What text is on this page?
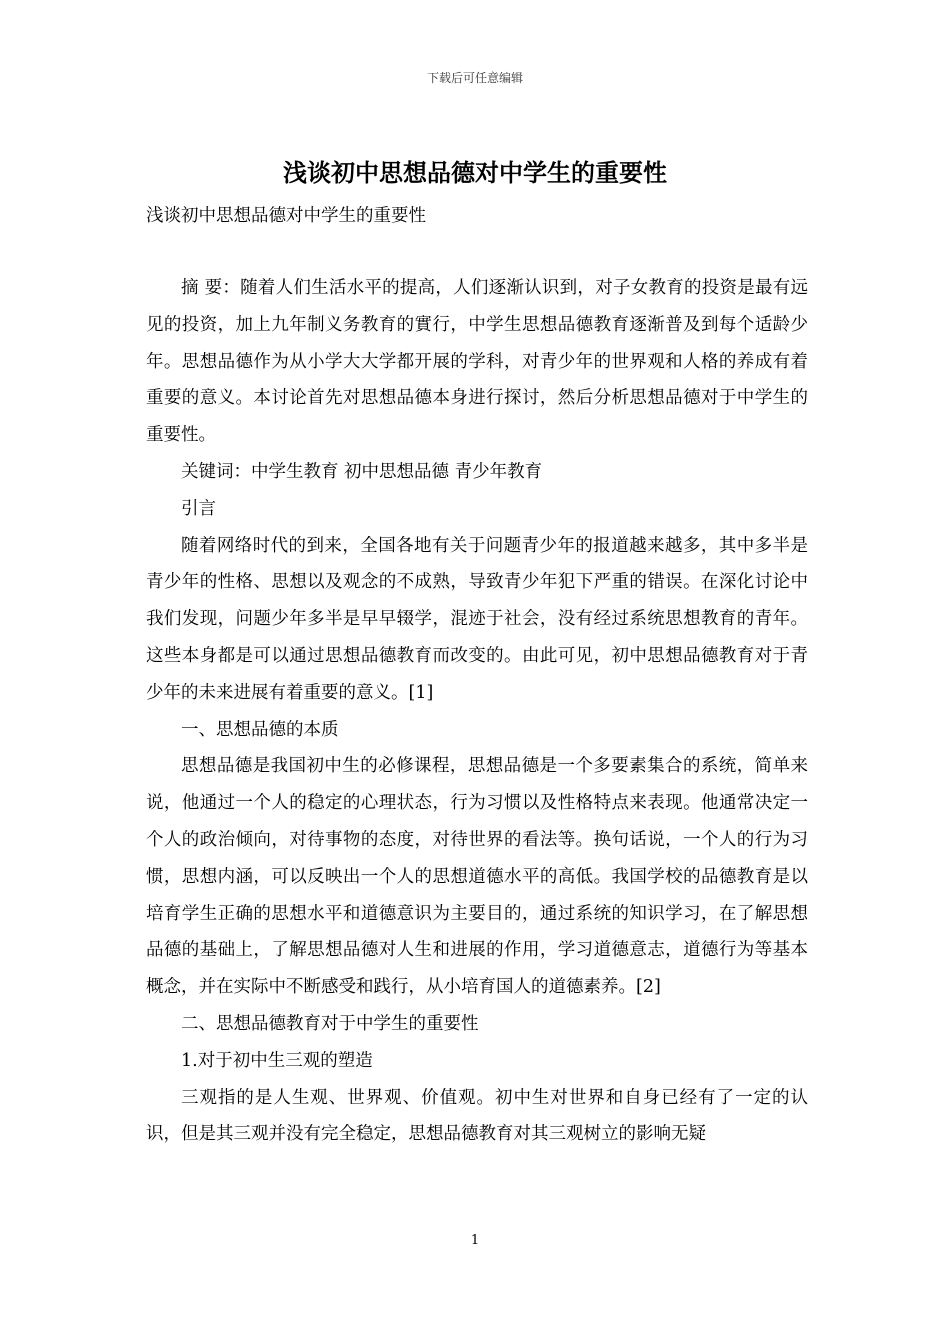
下载后可任意编辑
浅谈初中思想品德对中学生的重要性
浅谈初中思想品德对中学生的重要性

摘 要：随着人们生活水平的提高，人们逐渐认识到，对子女教育的投资是最有远见的投资，加上九年制义务教育的實行，中学生思想品德教育逐渐普及到每个适龄少年。思想品德作为从小学大大学都开展的学科，对青少年的世界观和人格的养成有着重要的意义。本讨论首先对思想品德本身进行探讨，然后分析思想品德对于中学生的重要性。

关键词：中学生教育 初中思想品德 青少年教育

引言

随着网络时代的到来，全国各地有关于问题青少年的报道越来越多，其中多半是青少年的性格、思想以及观念的不成熟，导致青少年犯下严重的错误。在深化讨论中我们发现，问题少年多半是早早辍学，混迹于社会，没有经过系统思想教育的青年。这些本身都是可以通过思想品德教育而改变的。由此可见，初中思想品德教育对于青少年的未来进展有着重要的意义。[1]

一、思想品德的本质

思想品德是我国初中生的必修课程，思想品德是一个多要素集合的系统，简单来说，他通过一个人的稳定的心理状态，行为习惯以及性格特点来表现。他通常决定一个人的政治倾向，对待事物的态度，对待世界的看法等。换句话说，一个人的行为习惯，思想内涵，可以反映出一个人的思想道德水平的高低。我国学校的品德教育是以培育学生正确的思想水平和道德意识为主要目的，通过系统的知识学习，在了解思想品德的基础上，了解思想品德对人生和进展的作用，学习道德意志，道德行为等基本概念，并在实际中不断感受和践行，从小培育国人的道德素养。[2]

二、思想品德教育对于中学生的重要性

1.对于初中生三观的塑造

三观指的是人生观、世界观、价值观。初中生对世界和自身已经有了一定的认识，但是其三观并没有完全稳定，思想品德教育对其三观树立的影响无疑

1
